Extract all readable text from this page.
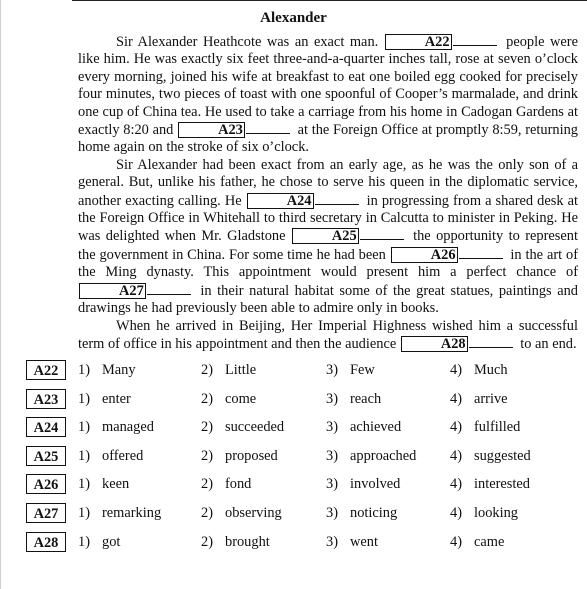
Alexander

Sir Alexander Heathcote was an exact man.	A22	people were like him. He was exactly six feet three-and-a-quarter inches tall, rose at seven o’clock every morning, joined his wife at breakfast to eat one boiled egg cooked for precisely four minutes, two pieces of toast with one spoonful of Cooper’s marmalade, and drink one cup of China tea. He used to take a carriage from his home in Cadogan Gardens at exactly 8:20 and	A23	at the Foreign Office at promptly 8:59, returning home again on the stroke of six o’clock.

Sir Alexander had been exact from an early age, as he was the only son of a general. But, unlike his father, he chose to serve his queen in the diplomatic service, another exacting calling. He	A24	in progressing from a shared desk at the Foreign Office in Whitehall to third secretary in Calcutta to minister in Peking. He was delighted when Mr. Gladstone	A25	the opportunity to represent the government in China. For some time he had been	A26	in the art of the Ming dynasty. This appointment would present him a perfect chance of A27	in their natural habitat some of the great statues, paintings and drawings he had previously been able to admire only in books.

When he arrived in Beijing, Her Imperial Highness wished him a successful term of office in his appointment and then the audience	A28	to an end.

A22	1) Many	2) Little	3) Few	4) Much
A23	1) enter	2) come	3) reach	4) arrive
A24	1) managed	2) succeeded	3) achieved	4) fulfilled
A25	1) offered	2) proposed	3) approached 4) suggested
A26	1) keen	2) fond	3) involved	4) interested
A27	1) remarking	2) observing	3) noticing	4) looking
A28	1) got	2) brought	3) went	4) came
